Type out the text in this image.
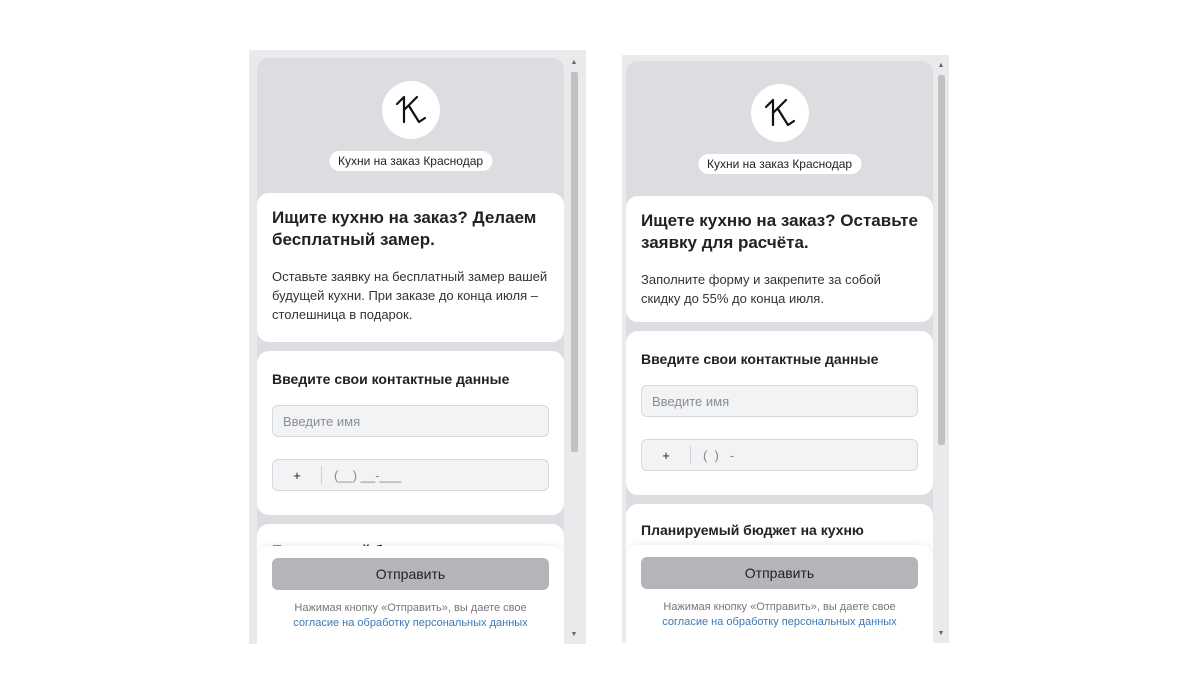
Кухни на заказ Краснодар
Ищите кухню на заказ? Делаем бесплатный замер.
Оставьте заявку на бесплатный замер вашей будущей кухни. При заказе до конца июля – столешница в подарок.
Введите свои контактные данные
Введите имя
+	(__) __-___
Отправить
Нажимая кнопку «Отправить», вы даете свое
согласие на обработку персональных данных
▲
▼
Кухни на заказ Краснодар
Ищете кухню на заказ? Оставьте заявку для расчёта.
Заполните форму и закрепите за собой скидку до 55% до конца июля.
Введите свои контактные данные
Введите имя
+	(  )   -
Планируемый бюджет на кухню
Отправить
Нажимая кнопку «Отправить», вы даете свое
согласие на обработку персональных данных
▲
▼
